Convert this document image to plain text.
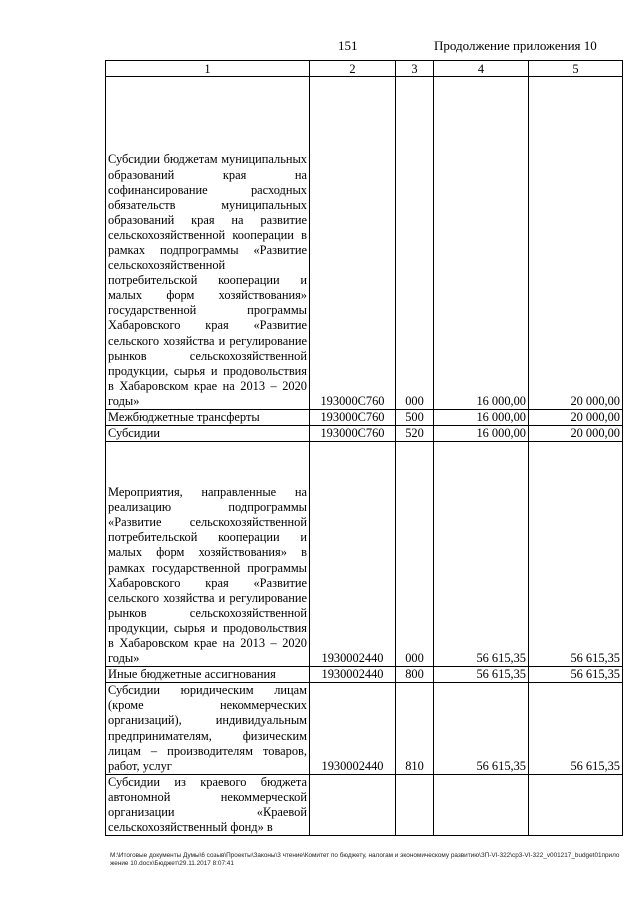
151	Продолжение приложения 10
1	2	3	4	5
Субсидии бюджетам муниципальных образований края на софинансирование расходных обязательств муниципальных образований края на развитие сельскохозяйственной кооперации в рамках подпрограммы «Развитие сельскохозяйственной потребительской кооперации и малых форм хозяйствования» государственной программы Хабаровского края «Развитие сельского хозяйства и регулирование рынков сельскохозяйственной продукции, сырья и продовольствия в Хабаровском крае на 2013 – 2020 годы»	193000С760	000	16 000,00	20 000,00
Межбюджетные трансферты	193000С760	500	16 000,00	20 000,00
Субсидии	193000С760	520	16 000,00	20 000,00
Мероприятия, направленные на реализацию подпрограммы «Развитие сельскохозяйственной потребительской кооперации и малых форм хозяйствования» в рамках государственной программы Хабаровского края «Развитие сельского хозяйства и регулирование рынков сельскохозяйственной продукции, сырья и продовольствия в Хабаровском крае на 2013 – 2020 годы»	1930002440	000	56 615,35	56 615,35
Иные бюджетные ассигнования	1930002440	800	56 615,35	56 615,35
Субсидии юридическим лицам (кроме некоммерческих организаций), индивидуальным предпринимателям, физическим лицам – производителям товаров, работ, услуг	1930002440	810	56 615,35	56 615,35
Субсидии из краевого бюджета автономной некоммерческой организации «Краевой сельскохозяйственный фонд» в				
М:\Итоговые документы Думы\6 созыв\Проекты\Законы\3 чтение\Комитет по бюджету, налогам и экономическому развитию\ЗП-VI-322\ср3-VI-322_v001217_budget01приложение 10.docx\Бюджет\29.11.2017 8:07:41
